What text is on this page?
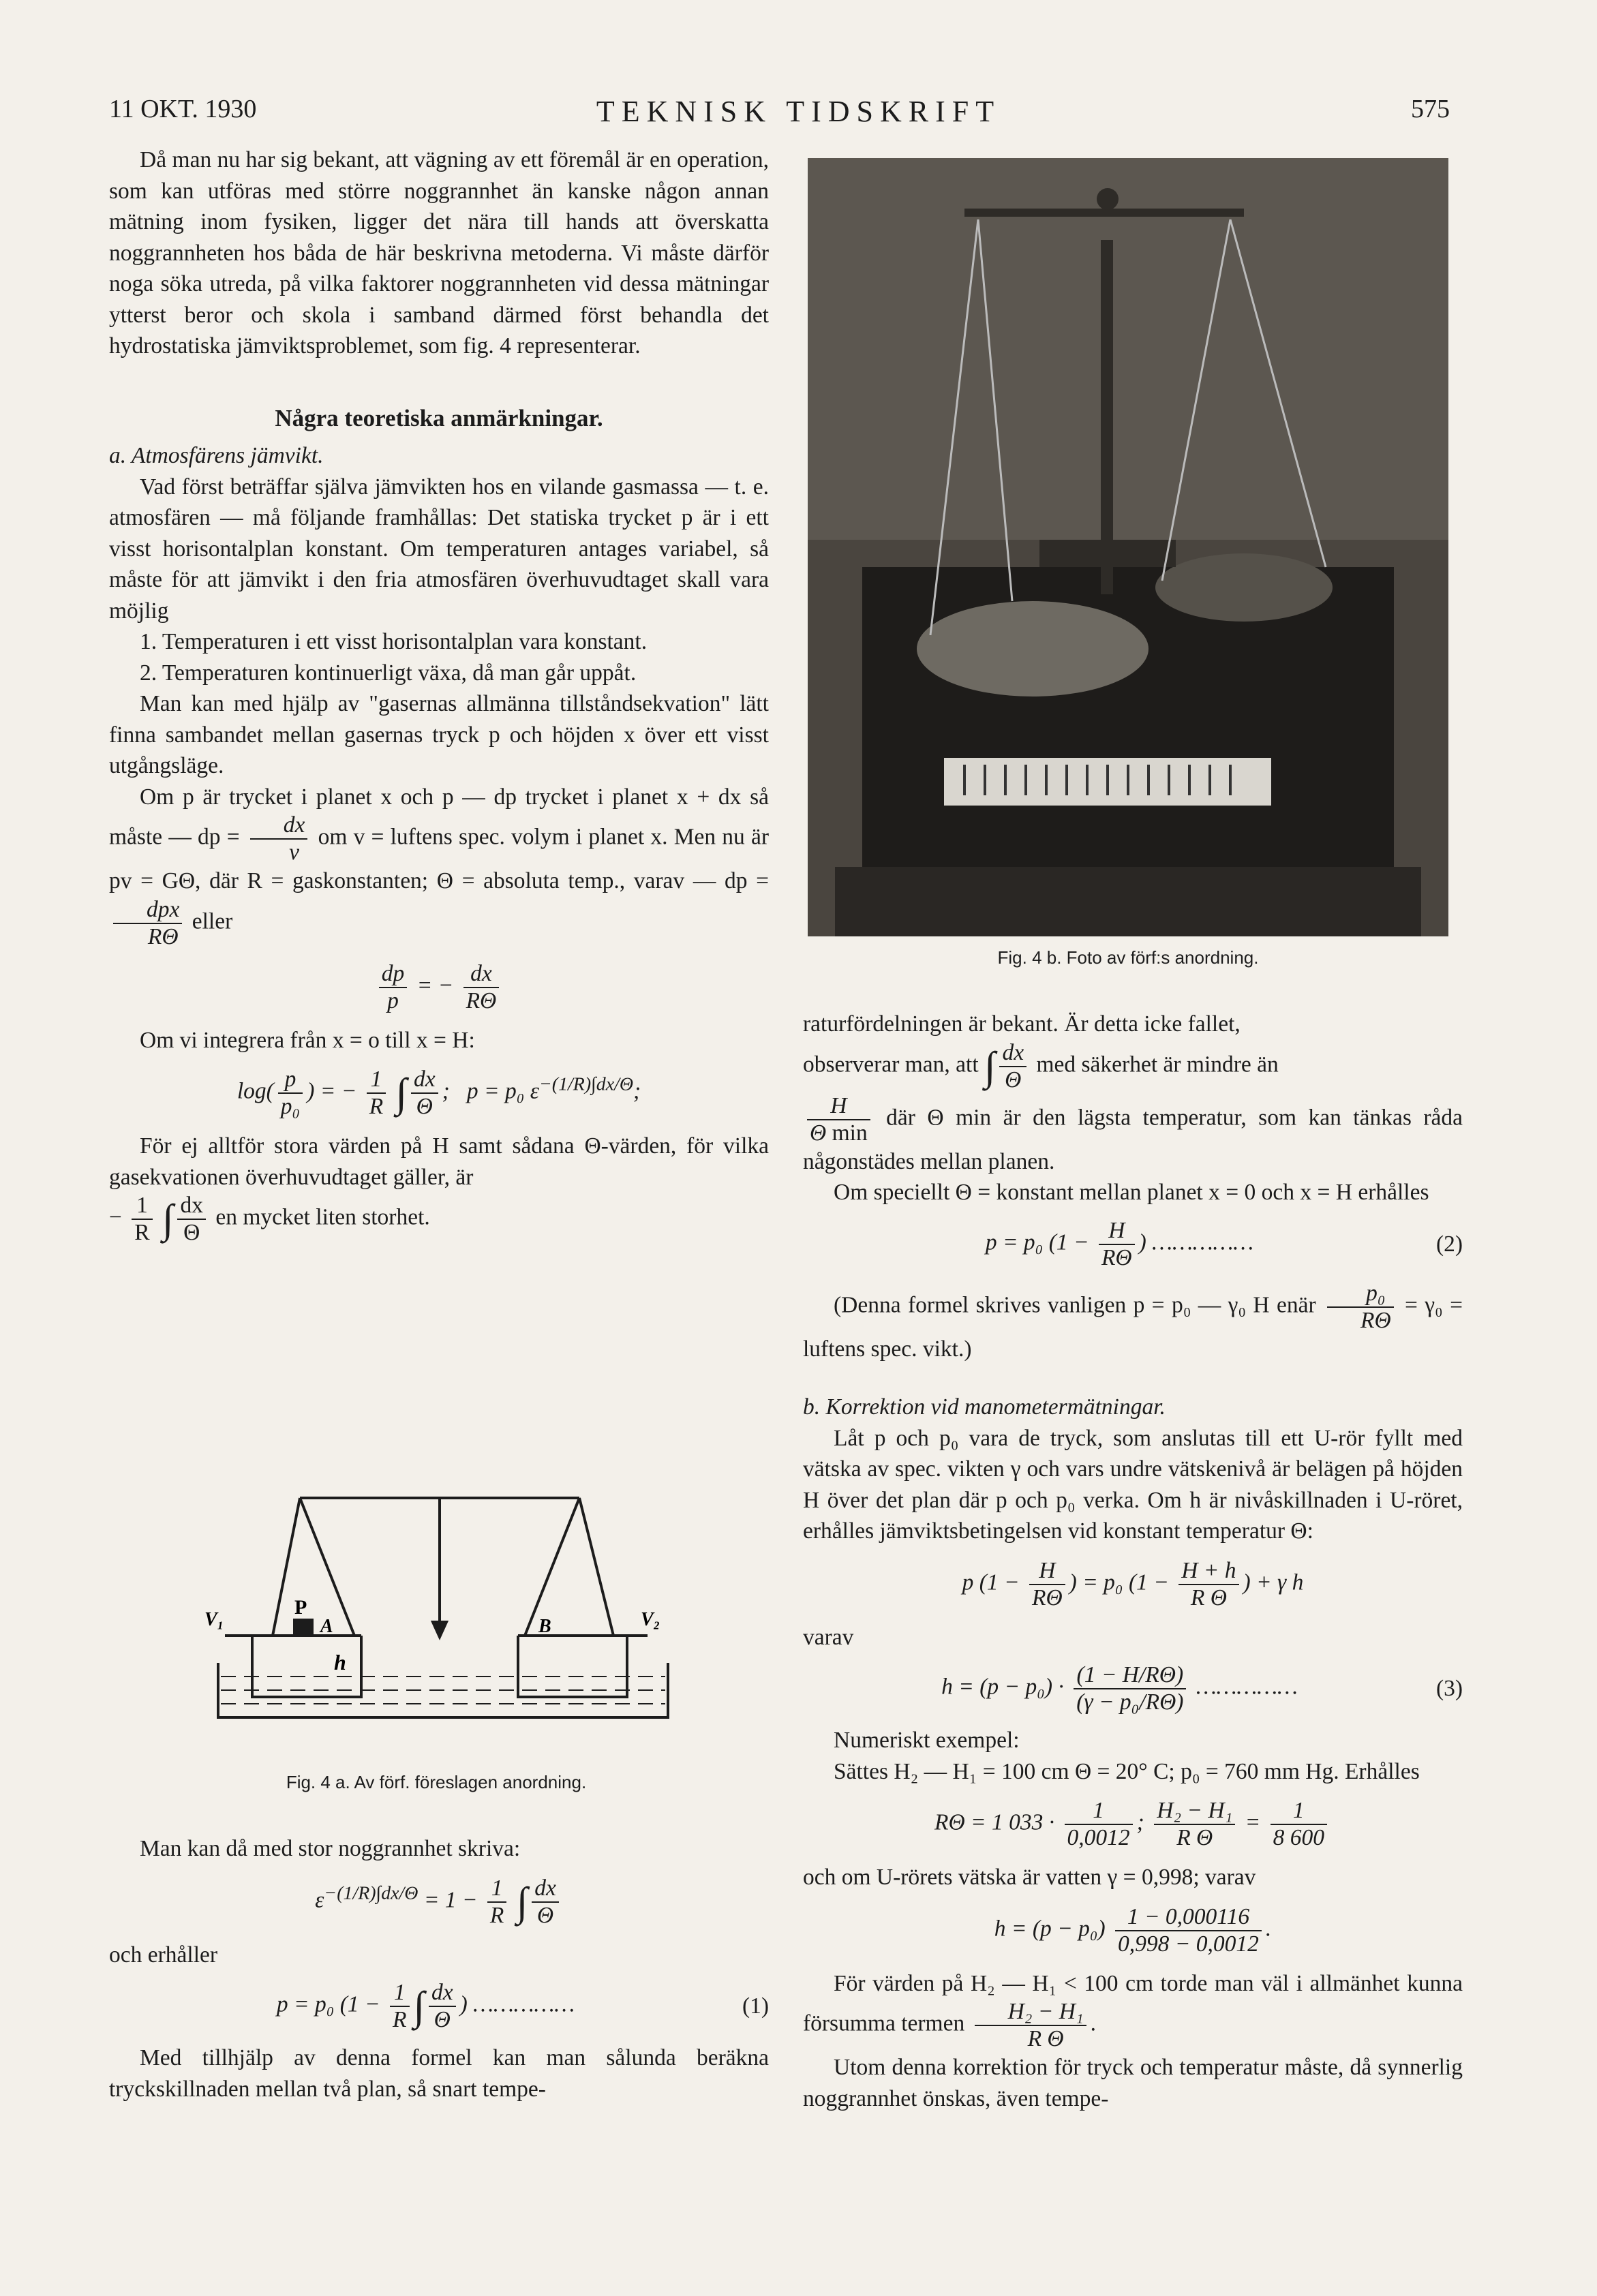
11 OKT. 1930	TEKNISK TIDSKRIFT	575

Då man nu har sig bekant, att vägning av ett föremål är en operation, som kan utföras med större noggrannhet än kanske någon annan mätning inom fysiken, ligger det nära till hands att överskatta noggrannheten hos båda de här beskrivna metoderna. Vi måste därför noga söka utreda, på vilka faktorer noggrannheten vid dessa mätningar ytterst beror och skola i samband därmed först behandla det hydrostatiska jämviktsproblemet, som fig. 4 representerar.

Några teoretiska anmärkningar.

a. Atmosfärens jämvikt.

Vad först beträffar själva jämvikten hos en vilande gasmassa — t. e. atmosfären — må följande framhållas: Det statiska trycket p är i ett visst horisontalplan konstant. Om temperaturen antages variabel, så måste för att jämvikt i den fria atmosfären överhuvudtaget skall vara möjlig

1. Temperaturen i ett visst horisontalplan vara konstant.

2. Temperaturen kontinuerligt växa, då man går uppåt.

Man kan med hjälp av "gasernas allmänna tillståndsekvation" lätt finna sambandet mellan gasernas tryck p och höjden x över ett visst utgångsläge.

Om p är trycket i planet x och p — dp trycket i planet x + dx så måste — dp = $\frac{dx}{v}$ om v = luftens spec. volym i planet x. Men nu är pv = GΘ, där R = gaskonstanten; Θ = absoluta temp., varav — dp =
$\frac{\text{dpx}}{R\Theta}$ eller

$\frac{dp}{p}$ = − $\frac{dx}{R\Theta}$

Om vi integrera från x = o till x = H:

$\log( \frac{p}{\text{p₀}}$ ) = − $\frac{1}{R}$ ∫ $\frac{dx}{\Theta}$ ;   p = p₀ $\varepsilon^{-(1/R)\int dx/\Theta}$;

För ej alltför stora värden på H samt sådana Θ-värden, för vilka gasekvationen överhuvudtaget gäller, är

− $\frac{1}{R}$ ∫ $\frac{dx}{\Theta}$ en mycket liten storhet.

V₁	V₂
P
A	B
h
Fig. 4 a. Av förf. föreslagen anordning.

Man kan då med stor noggrannhet skriva:

$\varepsilon^{-(1/R)\int dx/\Theta} = 1 - \frac{1}{R}$ ∫ $\frac{dx}{\Theta}$

och erhåller

p = p₀ ($1 - \frac{1}{R}$ ∫ $\frac{dx}{\Theta}$ ) ……………	(1)

Med tillhjälp av denna formel kan man sålunda beräkna tryckskillnaden mellan två plan, så snart tempe-

Fig. 4 b. Foto av förf:s anordning.

raturfördelningen är bekant. Är detta icke fallet,

observerar man, att ∫ $\frac{dx}{\Theta}$ med säkerhet är mindre än

$\frac{H}{\text{Θ min}}$ där Θ min är den lägsta temperatur, som kan tänkas råda någonstädes mellan planen.

Om speciellt Θ = konstant mellan planet x = 0 och x = H erhålles

p = p₀ ($1 - \frac{H}{R\Theta}$ ) ……………	(2)

(Denna formel skrives vanligen p = p₀ — γ₀ H enär $\frac{\text{p₀}}{R\Theta} = \gamma_0$ = luftens spec. vikt.)

b. Korrektion vid manometermätningar.

Låt p och p₀ vara de tryck, som anslutas till ett U-rör fyllt med vätska av spec. vikten γ och vars undre vätskenivå är belägen på höjden H över det plan där p och p₀ verka. Om h är nivåskillnaden i U-röret, erhålles jämviktsbetingelsen vid konstant temperatur Θ:

p ($1 - \frac{H}{R\Theta}$ ) = p₀ ($1 - \frac{H + h}{\text{R Θ}}$ ) + γ h

varav

$h = (p - p_0) \cdot \frac{(1 - H/R\Theta)}{\text{(γ − p₀/RΘ)}}$ ……………	(3)

Numeriskt exempel:

Sättes H₂ — H₁ = 100 cm Θ = 20° C; p₀ = 760 mm Hg. Erhålles

RΘ = 1 $033 \cdot \frac{1}{0,0012}$ ; $\frac{\text{H₂ − H₁}}{\text{R Θ}} = \frac{1}{8 600}$

och om U-rörets vätska är vatten γ = 0,998; varav

$h = (p - p_0) \frac{1 - 0,000116}{0,998 - 0,0012}$ .

För värden på H₂ — H₁ < 100 cm torde man väl i allmänhet kunna försumma termen $\frac{\text{H₂ − H₁}}{\text{R Θ}}$ .

Utom denna korrektion för tryck och temperatur måste, då synnerlig noggrannhet önskas, även tempe-
